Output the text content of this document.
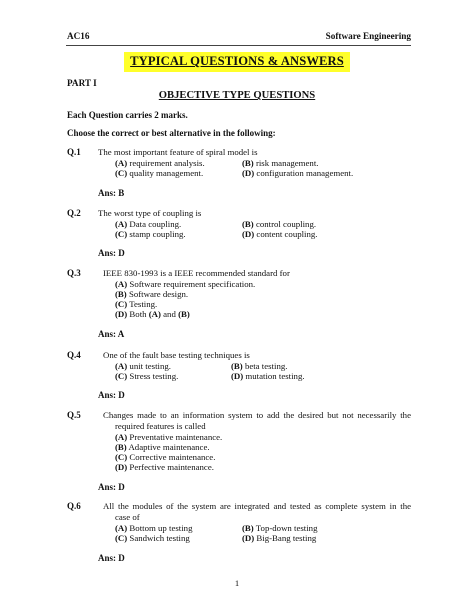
AC16	Software Engineering
TYPICAL QUESTIONS & ANSWERS
PART I
OBJECTIVE TYPE QUESTIONS
Each Question carries 2 marks.
Choose the correct or best alternative in the following:
Q.1 The most important feature of spiral model is
(A) requirement analysis.	(B) risk management.
(C) quality management.	(D) configuration management.
Ans: B
Q.2 The worst type of coupling is
(A) Data coupling.	(B) control coupling.
(C) stamp coupling.	(D) content coupling.
Ans: D
Q.3	IEEE 830-1993 is a IEEE recommended standard for
(A) Software requirement specification.
(B) Software design.
(C) Testing.
(D) Both (A) and (B)
Ans: A
Q.4	One of the fault base testing techniques is
(A) unit testing.	(B) beta testing.
(C) Stress testing.	(D) mutation testing.
Ans: D
Q.5	Changes made to an information system to add the desired but not necessarily the
required features is called
(A) Preventative maintenance.
(B) Adaptive maintenance.
(C) Corrective maintenance.
(D) Perfective maintenance.
Ans: D
Q.6	All the modules of the system are integrated and tested as complete system in the
case of
(A) Bottom up testing	(B) Top-down testing
(C) Sandwich testing	(D) Big-Bang testing
Ans: D
1
